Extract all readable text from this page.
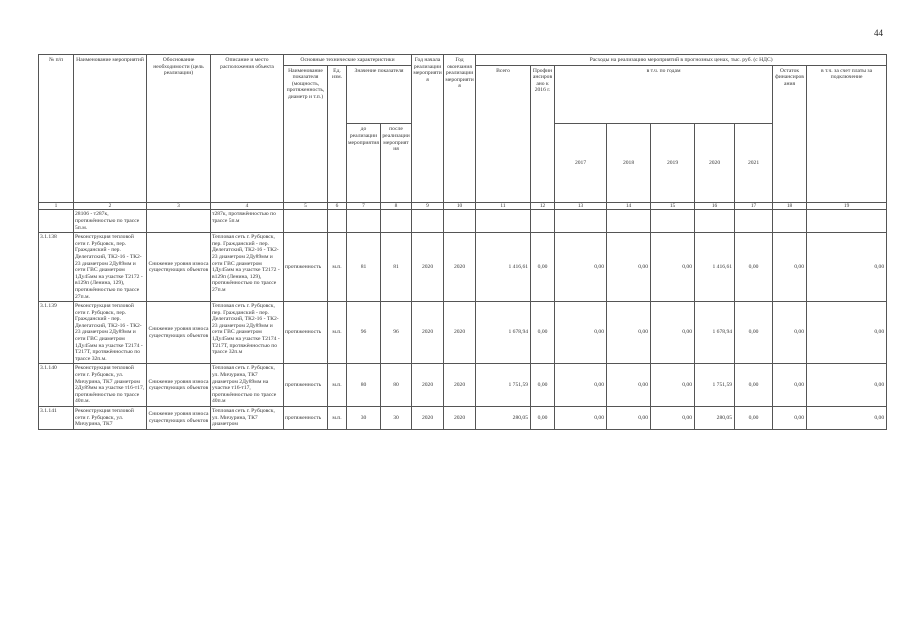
44
№ п/п	Наименование мероприятий	Обоснование необходимости (цель реализации)	Описание и место расположения объекта	Основные технические характеристики				Год начала реализации мероприятия	Год окончания реализации мероприятия	Расходы на реализацию мероприятий в прогнозных ценах, тыс. руб. (с НДС)								
				Наименование показателя (мощность, протяженность, диаметр и т.п.)	Ед. изм.	Значение показателя				Всего	Профинансировано к 2016 г.	в т.ч. по годам					Остаток финансирования	в т.ч. за счет платы за подключение
						до реализации мероприятия	после реализации мероприятия					2017	2018	2019	2020	2021		

1	2	3	4	5	6	7	8	9	10	11	12	13	14	15	16	17	18	19
	28106 - т287к, протяжённостью по трассе 5п.м.		т287к, протяжённостью по трассе 5п.м															
3.1.138	Реконструкция тепловой сети г. Рубцовск, пер. Гражданский - пер. Делегатский, ТК2-16 - ТК2-23 диаметром 2Ду89мм и сети ГВС диаметром 1Ду45мм на участке Т2172 - в129п (Ленина, 129), протяжённостью по трассе 27п.м.	Снижение уровня износа существующих объектов	Тепловая сеть г. Рубцовск, пер. Гражданский - пер. Делегатский, ТК2-16 - ТК2-23 диаметром 2Ду89мм и сети ГВС диаметром 1Ду45мм на участке Т2172 - в129п (Ленина, 129), протяжённостью по трассе 27п.м	протяженность	м.п.	81	81	2020	2020	1 416,61	0,00	0,00	0,00	0,00	1 416,61	0,00	0,00	0,00
3.1.139	Реконструкция тепловой сети г. Рубцовск, пер. Гражданский - пер. Делегатский, ТК2-16 - ТК2-23 диаметром 2Ду89мм и сети ГВС диаметром 1Ду45мм на участке Т2174 - Т217Т, протяжённостью по трассе 32п.м.	Снижение уровня износа существующих объектов	Тепловая сеть г. Рубцовск, пер. Гражданский - пер. Делегатский, ТК2-16 - ТК2-23 диаметром 2Ду89мм и сети ГВС диаметром 1Ду45мм на участке Т2174 - Т217Т, протяжённостью по трассе 32п.м	протяженность	м.п.	96	96	2020	2020	1 678,94	0,00	0,00	0,00	0,00	1 678,94	0,00	0,00	0,00
3.1.140	Реконструкция тепловой сети г. Рубцовск, ул. Мичурина, ТК7 диаметром 2Ду89мм на участке т16-т17, протяжённостью по трассе 40п.м.	Снижение уровня износа существующих объектов	Тепловая сеть г. Рубцовск, ул. Мичурина, ТК7 диаметром 2Ду89мм на участке т16-т17, протяжённостью по трассе 40п.м	протяженность	м.п.	80	80	2020	2020	1 751,59	0,00	0,00	0,00	0,00	1 751,59	0,00	0,00	0,00
3.1.141	Реконструкция тепловой сети г. Рубцовск, ул. Мичурина, ТК7	Снижение уровня износа существующих объектов	Тепловая сеть г. Рубцовск, ул. Мичурина, ТК7 диаметром	протяженность	м.п.	30	30	2020	2020	280,05	0,00	0,00	0,00	0,00	280,05	0,00	0,00	0,00
